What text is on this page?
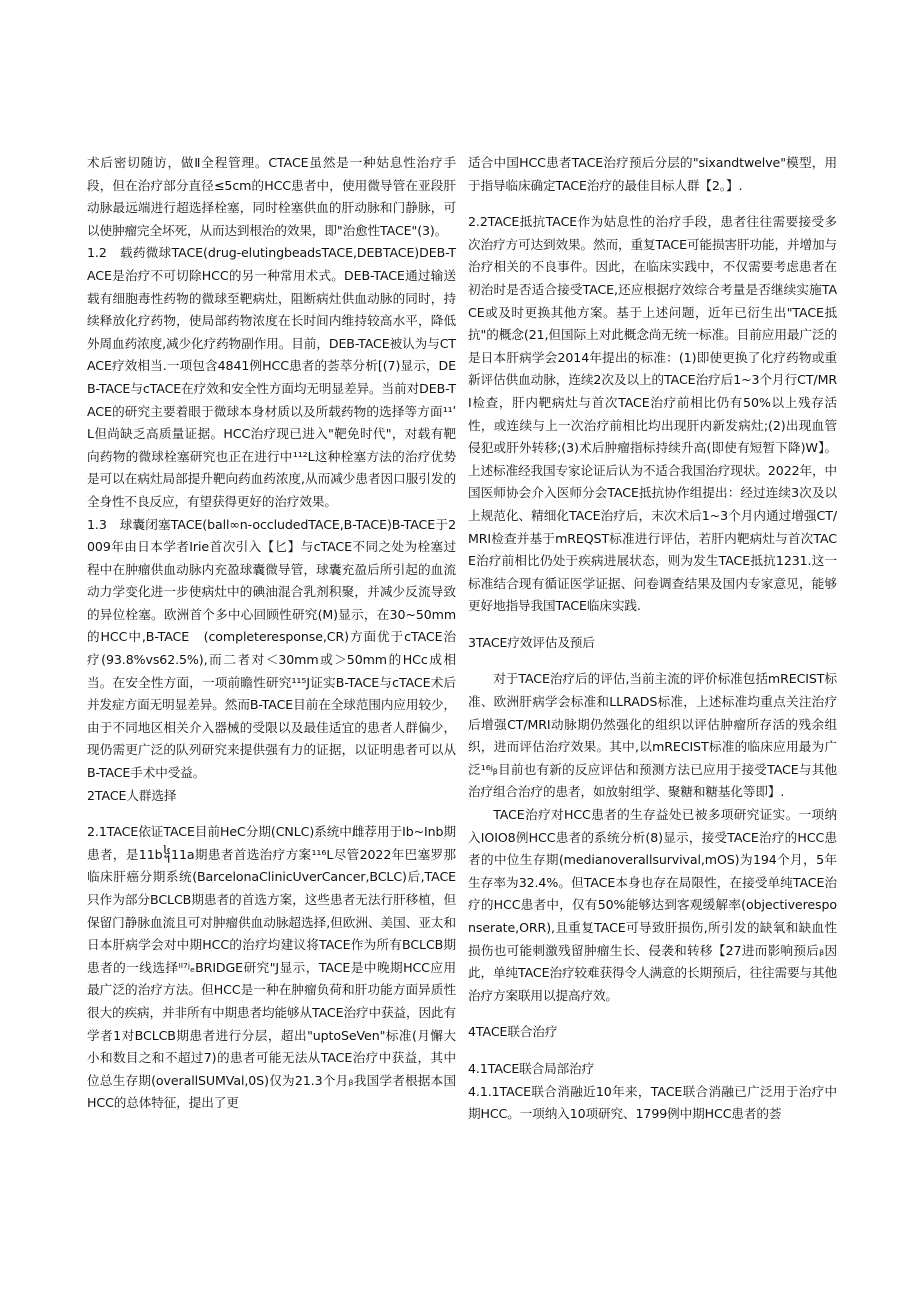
术后密切随访，做Ⅱ全程管理。CTACE虽然是一种姑息性治疗手段，但在治疗部分直径≤5cm的HCC患者中，使用微导管在亚段肝动脉最远端进行超选择栓塞，同时栓塞供血的肝动脉和门静脉，可以使肿瘤完全坏死，从而达到根治的效果，即"治愈性TACE"(3)。

1.2　载药微球TACE(drug-elutingbeadsTACE,DEBTACE)DEB-TACE是治疗不可切除HCC的另一种常用术式。DEB-TACE通过输送载有细胞毒性药物的微球至靶病灶，阻断病灶供血动脉的同时，持续释放化疗药物，使局部药物浓度在长时间内维持较高水平，降低外周血药浓度,减少化疗药物副作用。目前，DEB-TACE被认为与CTACE疗效相当.一项包含4841例HCC患者的荟萃分析[(7)显示，DEB-TACE与cTACE在疗效和安全性方面均无明显差异。当前对DEB-TACE的研究主要着眼于微球本身材质以及所载药物的选择等方面¹¹ʹL但尚缺乏高质量证据。HCC治疗现已进入"靶免时代"，对载有靶向药物的微球栓塞研究也正在进行中¹¹²L这种栓塞方法的治疗优势是可以在病灶局部提升靶向药血药浓度,从而减少患者因口服引发的全身性不良反应，有望获得更好的治疗效果。

1.3　球囊闭塞TACE(ball∞n-occludedTACE,B-TACE)B-TACE于2009年由日本学者Irie首次引入【匕】与cTACE不同之处为栓塞过程中在肿瘤供血动脉内充盈球囊微导管，球囊充盈后所引起的血流动力学变化进一步使病灶中的碘油混合乳剂积聚，并减少反流导致的异位栓塞。欧洲首个多中心回顾性研究(M)显示，在30~50mm的HCC中,B-TACE　(completeresponse,CR)方面优于cTACE治疗(93.8%vs62.5%),而二者对＜30mm或＞50mm的HCc成相当。在安全性方面，一项前瞻性研究¹¹⁵J证实B-TACE与cTACE术后并发症方面无明显差异。然而B-TACE目前在全球范围内应用较少，由于不同地区相关介入器械的受限以及最佳适宜的患者人群偏少，现仍需更广泛的队列研究来提供强有力的证据，以证明患者可以从B-TACE手术中受益。

2TACE人群选择

2.1TACE依证TACE目前HeC分期(CNLC)系统中雌荐用于Ib~Inb期患者，是11b᧤11a期患者首选治疗方案¹¹⁶L尽管2022年巴塞罗那临床肝癌分期系统(BarcelonaClinicUverCancer,BCLC)后,TACE只作为部分BCLCB期患者的首选方案，这些患者无法行肝移植，但保留门静脉血流且可对肿瘤供血动脉超选择,但欧洲、美国、亚太和日本肝病学会对中期HCC的治疗均建议将TACE作为所有BCLCB期患者的一线选择ᴵᴵ⁷ʲₑBRIDGE研究"J显示，TACE是中晚期HCC应用最广泛的治疗方法。但HCC是一种在肿瘤负荷和肝功能方面异质性很大的疾病，并非所有中期患者均能够从TACE治疗中获益，因此有学者1对BCLCB期患者进行分层，超出"uptoSeVen"标准(月懈大小和数目之和不超过7)的患者可能无法从TACE治疗中获益，其中位总生存期(overallSUMVal,0S)仅为21.3个月ᵦ我国学者根据本国HCC的总体特征，提出了更

适合中国HCC患者TACE治疗预后分层的"sixandtwelve"模型，用于指导临床确定TACE治疗的最佳目标人群【2。】.

2.2TACE抵抗TACE作为姑息性的治疗手段，患者往往需要接受多次治疗方可达到效果。然而，重复TACE可能损害肝功能，并增加与治疗相关的不良事件。因此，在临床实践中，不仅需要考虑患者在初治时是否适合接受TACE,还应根据疗效综合考量是否继续实施TACE或及时更换其他方案。基于上述问题，近年已衍生出"TACE抵抗"的概念(21,但国际上对此概念尚无统一标准。目前应用最广泛的是日本肝病学会2014年提出的标准：(1)即使更换了化疗药物或重新评估供血动脉，连续2次及以上的TACE治疗后1~3个月行CT/MRI检查，肝内靶病灶与首次TACE治疗前相比仍有50%以上残存活性，或连续与上一次治疗前相比均出现肝内新发病灶;(2)出现血管侵犯或肝外转移;(3)术后肿瘤指标持续升高(即使有短暂下降)W】。上述标准经我国专家论证后认为不适合我国治疗现状。2022年，中国医师协会介入医师分会TACE抵抗协作组提出：经过连续3次及以上规范化、精细化TACE治疗后，末次术后1~3个月内通过增强CT/MRI检查并基于mREQST标准进行评估，若肝内靶病灶与首次TACE治疗前相比仍处于疾病进展状态，则为发生TACE抵抗1231.这一标准结合现有循证医学证据、问卷调查结果及国内专家意见，能够更好地指导我国TACE临床实践.

3TACE疗效评估及预后

对于TACE治疗后的评估,当前主流的评价标准包括mRECIST标准、欧洲肝病学会标准和LLRADS标准，上述标准均重点关注治疗后增强CT/MRI动脉期仍然强化的组织以评估肿瘤所存活的残余组织，进而评估治疗效果。其中,以mRECIST标准的临床应用最为广泛¹⁶ʲᵦ目前也有新的反应评估和预测方法已应用于接受TACE与其他治疗组合治疗的患者，如放射组学、聚糖和糖基化等即】.

TACE治疗对HCC患者的生存益处已被多项研究证实。一项纳入IOIO8例HCC患者的系统分析(8)显示，接受TACE治疗的HCC患者的中位生存期(medianoverallsurvival,mOS)为194个月，5年生存率为32.4%。但TACE本身也存在局限性，在接受单纯TACE治疗的HCC患者中，仅有50%能够达到客观缓解率(objectiveresponserate,ORR),且重复TACE可导致肝损伤,所引发的缺氧和缺血性损伤也可能刺激残留肿瘤生长、侵袭和转移【27进而影响预后ᵦ因此，单纯TACE治疗较难获得令人满意的长期预后，往往需要与其他治疗方案联用以提高疗效。

4TACE联合治疗
4.1TACE联合局部治疗

4.1.1TACE联合消融近10年来，TACE联合消融已广泛用于治疗中期HCC。一项纳入10项研究、1799例中期HCC患者的荟
